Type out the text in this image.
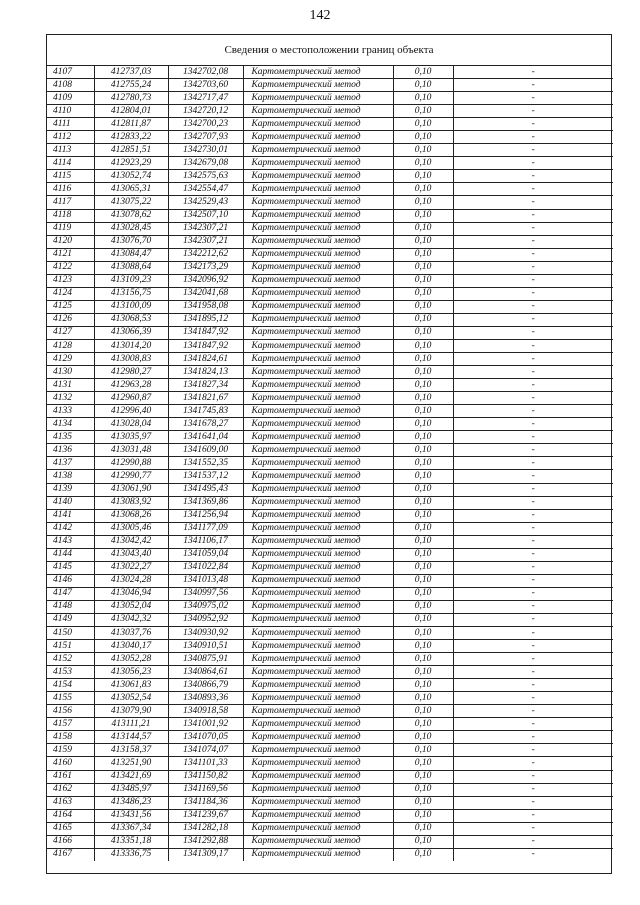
142
Сведения о местоположении границ объекта
4107	412737,03	1342702,08	Картометрический метод	0,10	-
4108	412755,24	1342703,60	Картометрический метод	0,10	-
4109	412780,73	1342717,47	Картометрический метод	0,10	-
4110	412804,01	1342720,12	Картометрический метод	0,10	-
4111	412811,87	1342700,23	Картометрический метод	0,10	-
4112	412833,22	1342707,93	Картометрический метод	0,10	-
4113	412851,51	1342730,01	Картометрический метод	0,10	-
4114	412923,29	1342679,08	Картометрический метод	0,10	-
4115	413052,74	1342575,63	Картометрический метод	0,10	-
4116	413065,31	1342554,47	Картометрический метод	0,10	-
4117	413075,22	1342529,43	Картометрический метод	0,10	-
4118	413078,62	1342507,10	Картометрический метод	0,10	-
4119	413028,45	1342307,21	Картометрический метод	0,10	-
4120	413076,70	1342307,21	Картометрический метод	0,10	-
4121	413084,47	1342212,62	Картометрический метод	0,10	-
4122	413088,64	1342173,29	Картометрический метод	0,10	-
4123	413109,23	1342096,92	Картометрический метод	0,10	-
4124	413156,75	1342041,68	Картометрический метод	0,10	-
4125	413100,09	1341958,08	Картометрический метод	0,10	-
4126	413068,53	1341895,12	Картометрический метод	0,10	-
4127	413066,39	1341847,92	Картометрический метод	0,10	-
4128	413014,20	1341847,92	Картометрический метод	0,10	-
4129	413008,83	1341824,61	Картометрический метод	0,10	-
4130	412980,27	1341824,13	Картометрический метод	0,10	-
4131	412963,28	1341827,34	Картометрический метод	0,10	-
4132	412960,87	1341821,67	Картометрический метод	0,10	-
4133	412996,40	1341745,83	Картометрический метод	0,10	-
4134	413028,04	1341678,27	Картометрический метод	0,10	-
4135	413035,97	1341641,04	Картометрический метод	0,10	-
4136	413031,48	1341609,00	Картометрический метод	0,10	-
4137	412990,88	1341552,35	Картометрический метод	0,10	-
4138	412990,77	1341537,12	Картометрический метод	0,10	-
4139	413061,90	1341495,43	Картометрический метод	0,10	-
4140	413083,92	1341369,86	Картометрический метод	0,10	-
4141	413068,26	1341256,94	Картометрический метод	0,10	-
4142	413005,46	1341177,09	Картометрический метод	0,10	-
4143	413042,42	1341106,17	Картометрический метод	0,10	-
4144	413043,40	1341059,04	Картометрический метод	0,10	-
4145	413022,27	1341022,84	Картометрический метод	0,10	-
4146	413024,28	1341013,48	Картометрический метод	0,10	-
4147	413046,94	1340997,56	Картометрический метод	0,10	-
4148	413052,04	1340975,02	Картометрический метод	0,10	-
4149	413042,32	1340952,92	Картометрический метод	0,10	-
4150	413037,76	1340930,92	Картометрический метод	0,10	-
4151	413040,17	1340910,51	Картометрический метод	0,10	-
4152	413052,28	1340875,91	Картометрический метод	0,10	-
4153	413056,23	1340864,61	Картометрический метод	0,10	-
4154	413061,83	1340866,79	Картометрический метод	0,10	-
4155	413052,54	1340893,36	Картометрический метод	0,10	-
4156	413079,90	1340918,58	Картометрический метод	0,10	-
4157	413111,21	1341001,92	Картометрический метод	0,10	-
4158	413144,57	1341070,05	Картометрический метод	0,10	-
4159	413158,37	1341074,07	Картометрический метод	0,10	-
4160	413251,90	1341101,33	Картометрический метод	0,10	-
4161	413421,69	1341150,82	Картометрический метод	0,10	-
4162	413485,97	1341169,56	Картометрический метод	0,10	-
4163	413486,23	1341184,36	Картометрический метод	0,10	-
4164	413431,56	1341239,67	Картометрический метод	0,10	-
4165	413367,34	1341282,18	Картометрический метод	0,10	-
4166	413351,18	1341292,88	Картометрический метод	0,10	-
4167	413336,75	1341309,17	Картометрический метод	0,10	-
